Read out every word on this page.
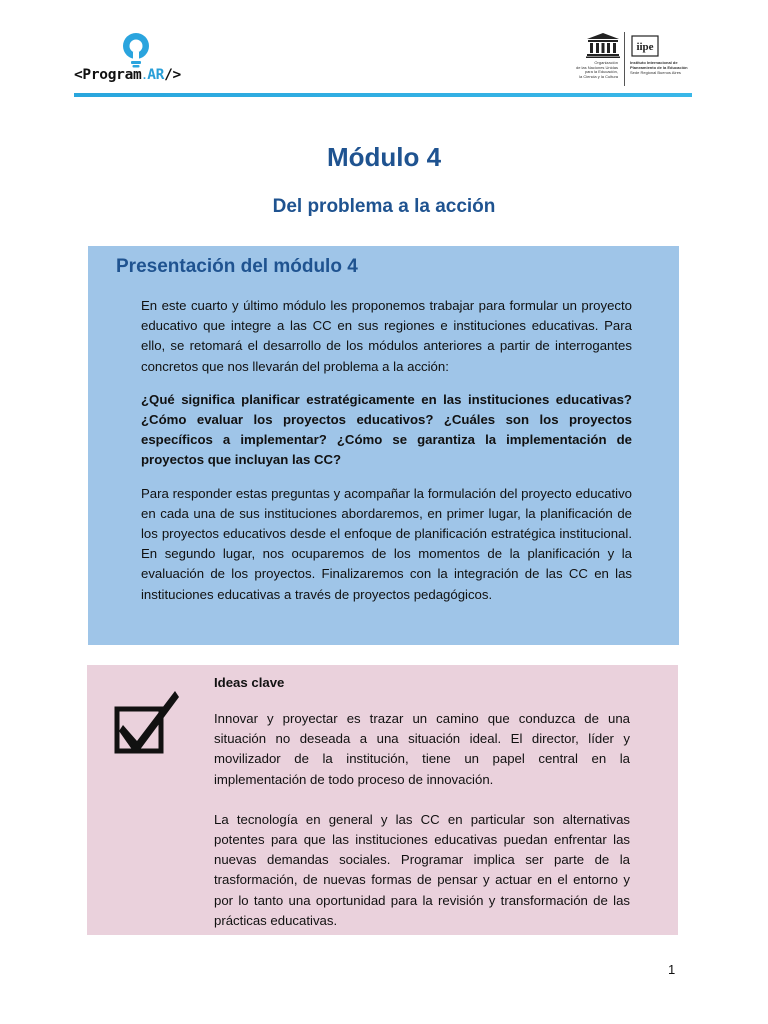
<Program.AR/>
Organización
de las Naciones Unidas
para la Educación,
la Ciencia y la Cultura
iipe
Instituto Internacional de
Planeamiento de la Educación
Sede Regional Buenos Aires
Módulo 4
Del problema a la acción
Presentación del módulo 4

En este cuarto y último módulo les proponemos trabajar para formular un proyecto educativo que integre a las CC en sus regiones e instituciones educativas. Para ello, se retomará el desarrollo de los módulos anteriores a partir de interrogantes concretos que nos llevarán del problema a la acción:

¿Qué significa planificar estratégicamente en las instituciones educativas? ¿Cómo evaluar los proyectos educativos? ¿Cuáles son los proyectos específicos a implementar? ¿Cómo se garantiza la implementación de proyectos que incluyan las CC?

Para responder estas preguntas y acompañar la formulación del proyecto educativo en cada una de sus instituciones abordaremos, en primer lugar, la planificación de los proyectos educativos desde el enfoque de planificación estratégica institucional. En segundo lugar, nos ocuparemos de los momentos de la planificación y la evaluación de los proyectos. Finalizaremos con la integración de las CC en las instituciones educativas a través de proyectos pedagógicos.

Ideas clave

Innovar y proyectar es trazar un camino que conduzca de una situación no deseada a una situación ideal. El director, líder y movilizador de la institución, tiene un papel central en la implementación de todo proceso de innovación.

La tecnología en general y las CC en particular son alternativas potentes para que las instituciones educativas puedan enfrentar las nuevas demandas sociales. Programar implica ser parte de la trasformación, de nuevas formas de pensar y actuar en el entorno y por lo tanto una oportunidad para la revisión y transformación de las prácticas educativas.

1
